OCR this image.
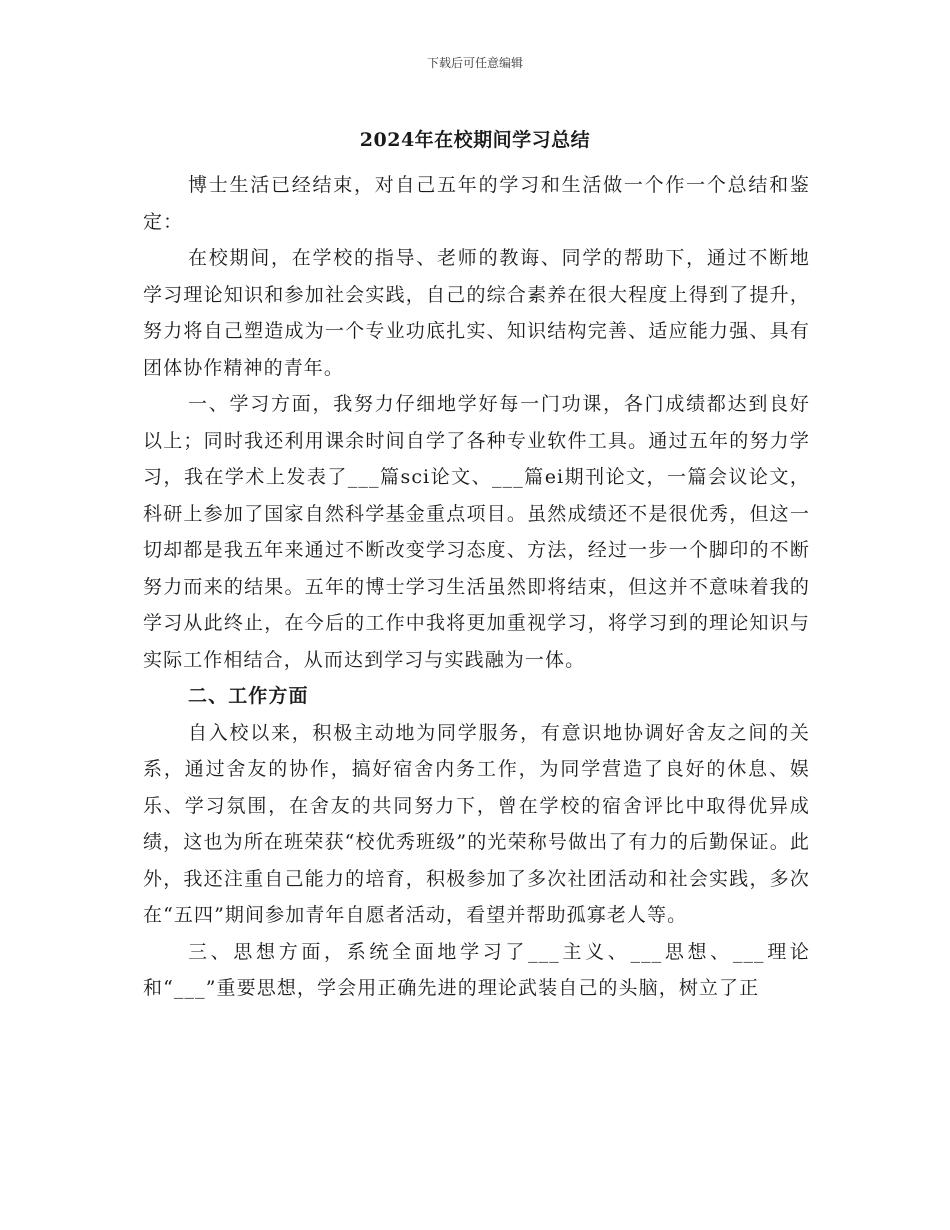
下载后可任意编辑
2024年在校期间学习总结

博士生活已经结束，对自己五年的学习和生活做一个作一个总结和鉴定：

在校期间，在学校的指导、老师的教诲、同学的帮助下，通过不断地学习理论知识和参加社会实践，自己的综合素养在很大程度上得到了提升，努力将自己塑造成为一个专业功底扎实、知识结构完善、适应能力强、具有团体协作精神的青年。

一、学习方面，我努力仔细地学好每一门功课，各门成绩都达到良好以上；同时我还利用课余时间自学了各种专业软件工具。通过五年的努力学习，我在学术上发表了___篇sci论文、___篇ei期刊论文，一篇会议论文，科研上参加了国家自然科学基金重点项目。虽然成绩还不是很优秀，但这一切却都是我五年来通过不断改变学习态度、方法，经过一步一个脚印的不断努力而来的结果。五年的博士学习生活虽然即将结束，但这并不意味着我的学习从此终止，在今后的工作中我将更加重视学习，将学习到的理论知识与实际工作相结合，从而达到学习与实践融为一体。

二、工作方面

自入校以来，积极主动地为同学服务，有意识地协调好舍友之间的关系，通过舍友的协作，搞好宿舍内务工作，为同学营造了良好的休息、娱乐、学习氛围，在舍友的共同努力下，曾在学校的宿舍评比中取得优异成绩，这也为所在班荣获“校优秀班级”的光荣称号做出了有力的后勤保证。此外，我还注重自己能力的培育，积极参加了多次社团活动和社会实践，多次在“五四”期间参加青年自愿者活动，看望并帮助孤寡老人等。

三、思想方面，系统全面地学习了___主义、___思想、___理论和“___”重要思想，学会用正确先进的理论武装自己的头脑，树立了正
